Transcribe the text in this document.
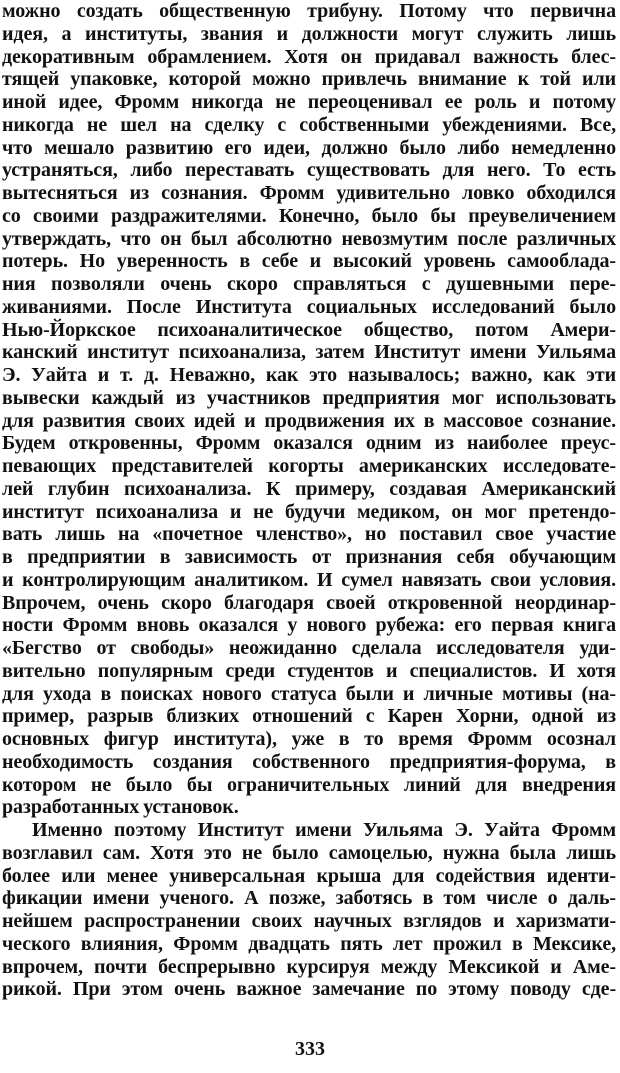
можно создать общественную трибуну. Потому что первична
идея, а институты, звания и должности могут служить лишь
декоративным обрамлением. Хотя он придавал важность блес-
тящей упаковке, которой можно привлечь внимание к той или
иной идее, Фромм никогда не переоценивал ее роль и потому
никогда не шел на сделку с собственными убеждениями. Все,
что мешало развитию его идеи, должно было либо немедленно
устраняться, либо переставать существовать для него. То есть
вытесняться из сознания. Фромм удивительно ловко обходился
со своими раздражителями. Конечно, было бы преувеличением
утверждать, что он был абсолютно невозмутим после различных
потерь. Но уверенность в себе и высокий уровень самооблада-
ния позволяли очень скоро справляться с душевными пере-
живаниями. После Института социальных исследований было
Нью-Йоркское психоаналитическое общество, потом Амери-
канский институт психоанализа, затем Институт имени Уильяма
Э. Уайта и т. д. Неважно, как это называлось; важно, как эти
вывески каждый из участников предприятия мог использовать
для развития своих идей и продвижения их в массовое сознание.
Будем откровенны, Фромм оказался одним из наиболее преус-
певающих представителей когорты американских исследовате-
лей глубин психоанализа. К примеру, создавая Американский
институт психоанализа и не будучи медиком, он мог претендо-
вать лишь на «почетное членство», но поставил свое участие
в предприятии в зависимость от признания себя обучающим
и контролирующим аналитиком. И сумел навязать свои условия.
Впрочем, очень скоро благодаря своей откровенной неординар-
ности Фромм вновь оказался у нового рубежа: его первая книга
«Бегство от свободы» неожиданно сделала исследователя уди-
вительно популярным среди студентов и специалистов. И хотя
для ухода в поисках нового статуса были и личные мотивы (на-
пример, разрыв близких отношений с Карен Хорни, одной из
основных фигур института), уже в то время Фромм осознал
необходимость создания собственного предприятия-форума, в
котором не было бы ограничительных линий для внедрения
разработанных установок.
Именно поэтому Институт имени Уильяма Э. Уайта Фромм
возглавил сам. Хотя это не было самоцелью, нужна была лишь
более или менее универсальная крыша для содействия иденти-
фикации имени ученого. А позже, заботясь в том числе о даль-
нейшем распространении своих научных взглядов и харизмати-
ческого влияния, Фромм двадцать пять лет прожил в Мексике,
впрочем, почти беспрерывно курсируя между Мексикой и Аме-
рикой. При этом очень важное замечание по этому поводу сде-
333
